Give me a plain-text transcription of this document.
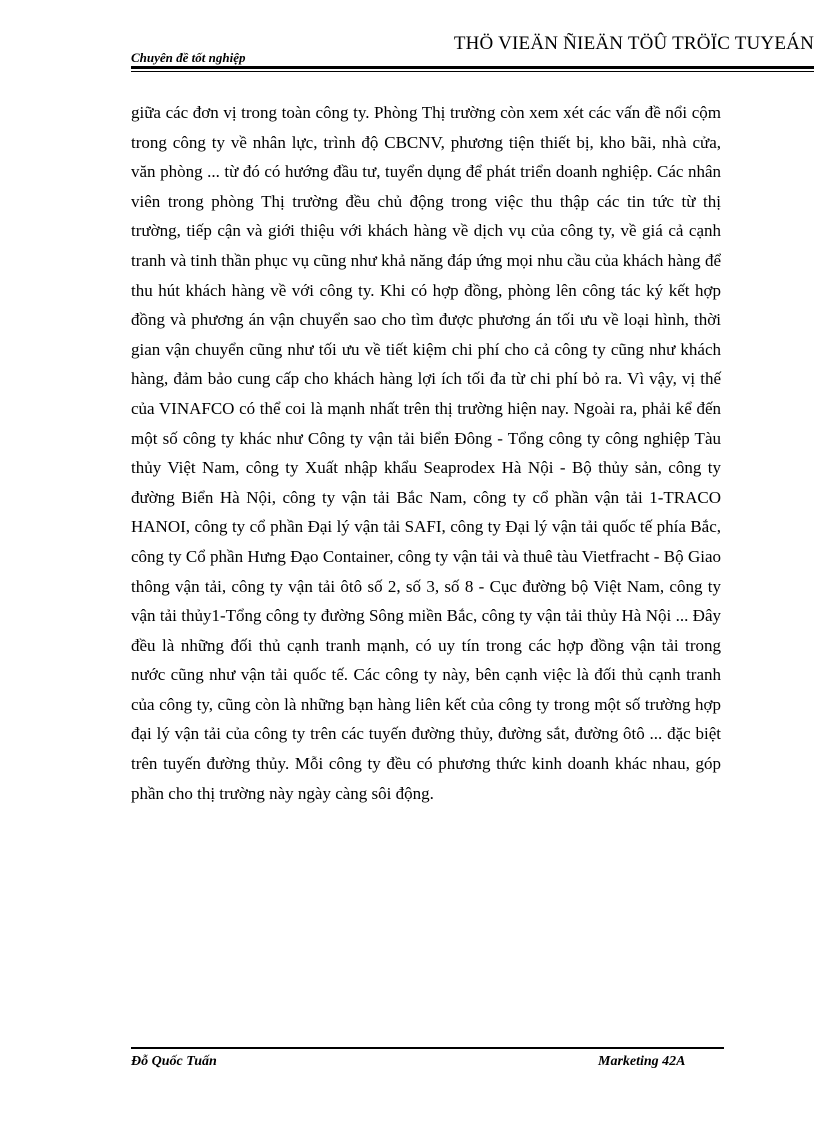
Chuyên đề tốt nghiệp
THÖ VIEÄN ÑIEÄN TÖÛ TRÖÏC TUYEÁN

giữa các đơn vị trong toàn công ty. Phòng Thị trường còn xem xét các vấn đề nổi cộm trong công ty về nhân lực, trình độ CBCNV, phương tiện thiết bị, kho bãi, nhà cửa, văn phòng ... từ đó có hướng đầu tư, tuyển dụng để phát triển doanh nghiệp. Các nhân viên trong phòng Thị trường đều chủ động trong việc thu thập các tin tức từ thị trường, tiếp cận và giới thiệu với khách hàng về dịch vụ của công ty, về giá cả cạnh tranh và tinh thần phục vụ cũng như khả năng đáp ứng mọi nhu cầu của khách hàng để thu hút khách hàng về với công ty. Khi có hợp đồng, phòng lên công tác ký kết hợp đồng và phương án vận chuyển sao cho tìm được phương án tối ưu về loại hình, thời gian vận chuyển cũng như tối ưu về tiết kiệm chi phí cho cả công ty cũng như khách hàng, đảm bảo cung cấp cho khách hàng lợi ích tối đa từ chi phí bỏ ra. Vì vậy, vị thế của VINAFCO có thể coi là mạnh nhất trên thị trường hiện nay. Ngoài ra, phải kể đến một số công ty khác như Công ty vận tải biển Đông - Tổng công ty công nghiệp Tàu thủy Việt Nam, công ty Xuất nhập khẩu Seaprodex Hà Nội - Bộ thủy sản, công ty đường Biển Hà Nội, công ty vận tải Bắc Nam, công ty cổ phần vận tải 1-TRACO HANOI, công ty cổ phần Đại lý vận tải SAFI, công ty Đại lý vận tải quốc tế phía Bắc, công ty Cổ phần Hưng Đạo Container, công ty vận tải và thuê tàu Vietfracht - Bộ Giao thông vận tải, công ty vận tải ôtô số 2, số 3, số 8 - Cục đường bộ Việt Nam, công ty vận tải thủy1-Tổng công ty đường Sông miền Bắc, công ty vận tải thủy Hà Nội ... Đây đều là những đối thủ cạnh tranh mạnh, có uy tín trong các hợp đồng vận tải trong nước cũng như vận tải quốc tế. Các công ty này, bên cạnh việc là đối thủ cạnh tranh của công ty, cũng còn là những bạn hàng liên kết của công ty trong một số trường hợp đại lý vận tải của công ty trên các tuyến đường thủy, đường sắt, đường ôtô ... đặc biệt trên tuyến đường thủy. Mỗi công ty đều có phương thức kinh doanh khác nhau, góp phần cho thị trường này ngày càng sôi động.

Đỗ Quốc Tuấn	Marketing 42A
